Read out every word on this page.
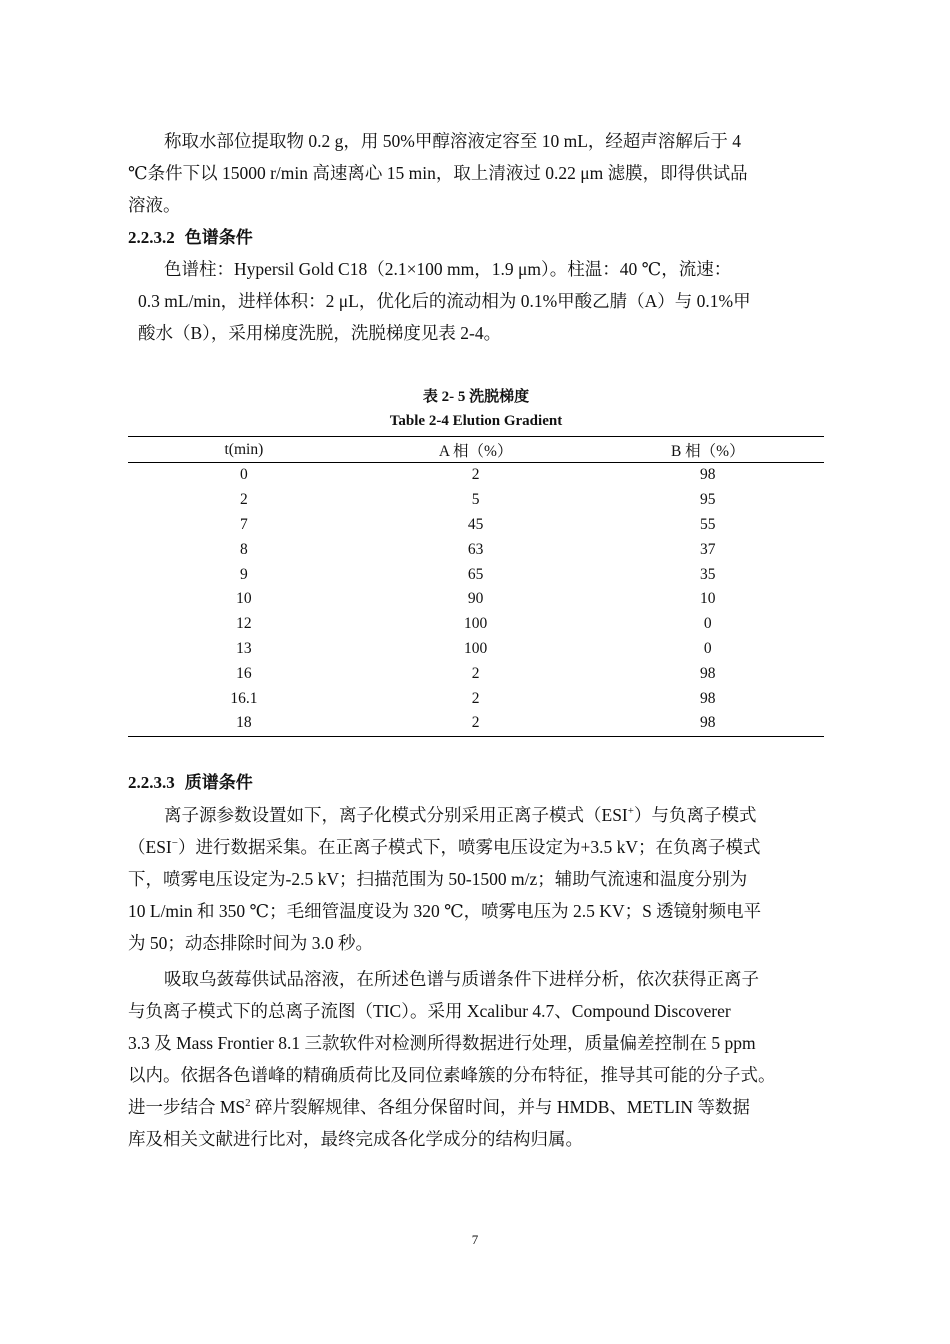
称取水部位提取物 0.2 g，用 50%甲醇溶液定容至 10 mL，经超声溶解后于 4
℃条件下以 15000 r/min 高速离心 15 min，取上清液过 0.22 μm 滤膜，即得供试品
溶液。

2.2.3.2 色谱条件

色谱柱：Hypersil Gold C18（2.1×100 mm，1.9 μm）。柱温：40 ℃，流速：
0.3 mL/min，进样体积：2 μL，优化后的流动相为 0.1%甲酸乙腈（A）与 0.1%甲
酸水（B），采用梯度洗脱，洗脱梯度见表 2-4。

表 2- 5 洗脱梯度

Table 2-4 Elution Gradient

t(min)	A 相（%）	B 相（%）
0	2	98
2	5	95
7	45	55
8	63	37
9	65	35
10	90	10
12	100	0
13	100	0
16	2	98
16.1	2	98
18	2	98
2.2.3.3 质谱条件

离子源参数设置如下，离子化模式分别采用正离子模式（ESI+）与负离子模式
（ESI−）进行数据采集。在正离子模式下，喷雾电压设定为+3.5 kV；在负离子模式
下，喷雾电压设定为-2.5 kV；扫描范围为 50-1500 m/z；辅助气流速和温度分别为
10 L/min 和 350 ℃；毛细管温度设为 320 ℃，喷雾电压为 2.5 KV；S 透镜射频电平
为 50；动态排除时间为 3.0 秒。

吸取乌蔹莓供试品溶液，在所述色谱与质谱条件下进样分析，依次获得正离子
与负离子模式下的总离子流图（TIC）。采用 Xcalibur 4.7、Compound Discoverer
3.3 及 Mass Frontier 8.1 三款软件对检测所得数据进行处理，质量偏差控制在 5 ppm
以内。依据各色谱峰的精确质荷比及同位素峰簇的分布特征，推导其可能的分子式。
进一步结合 $MS^2$ 碎片裂解规律、各组分保留时间，并与 HMDB、METLIN 等数据
库及相关文献进行比对，最终完成各化学成分的结构归属。

7
